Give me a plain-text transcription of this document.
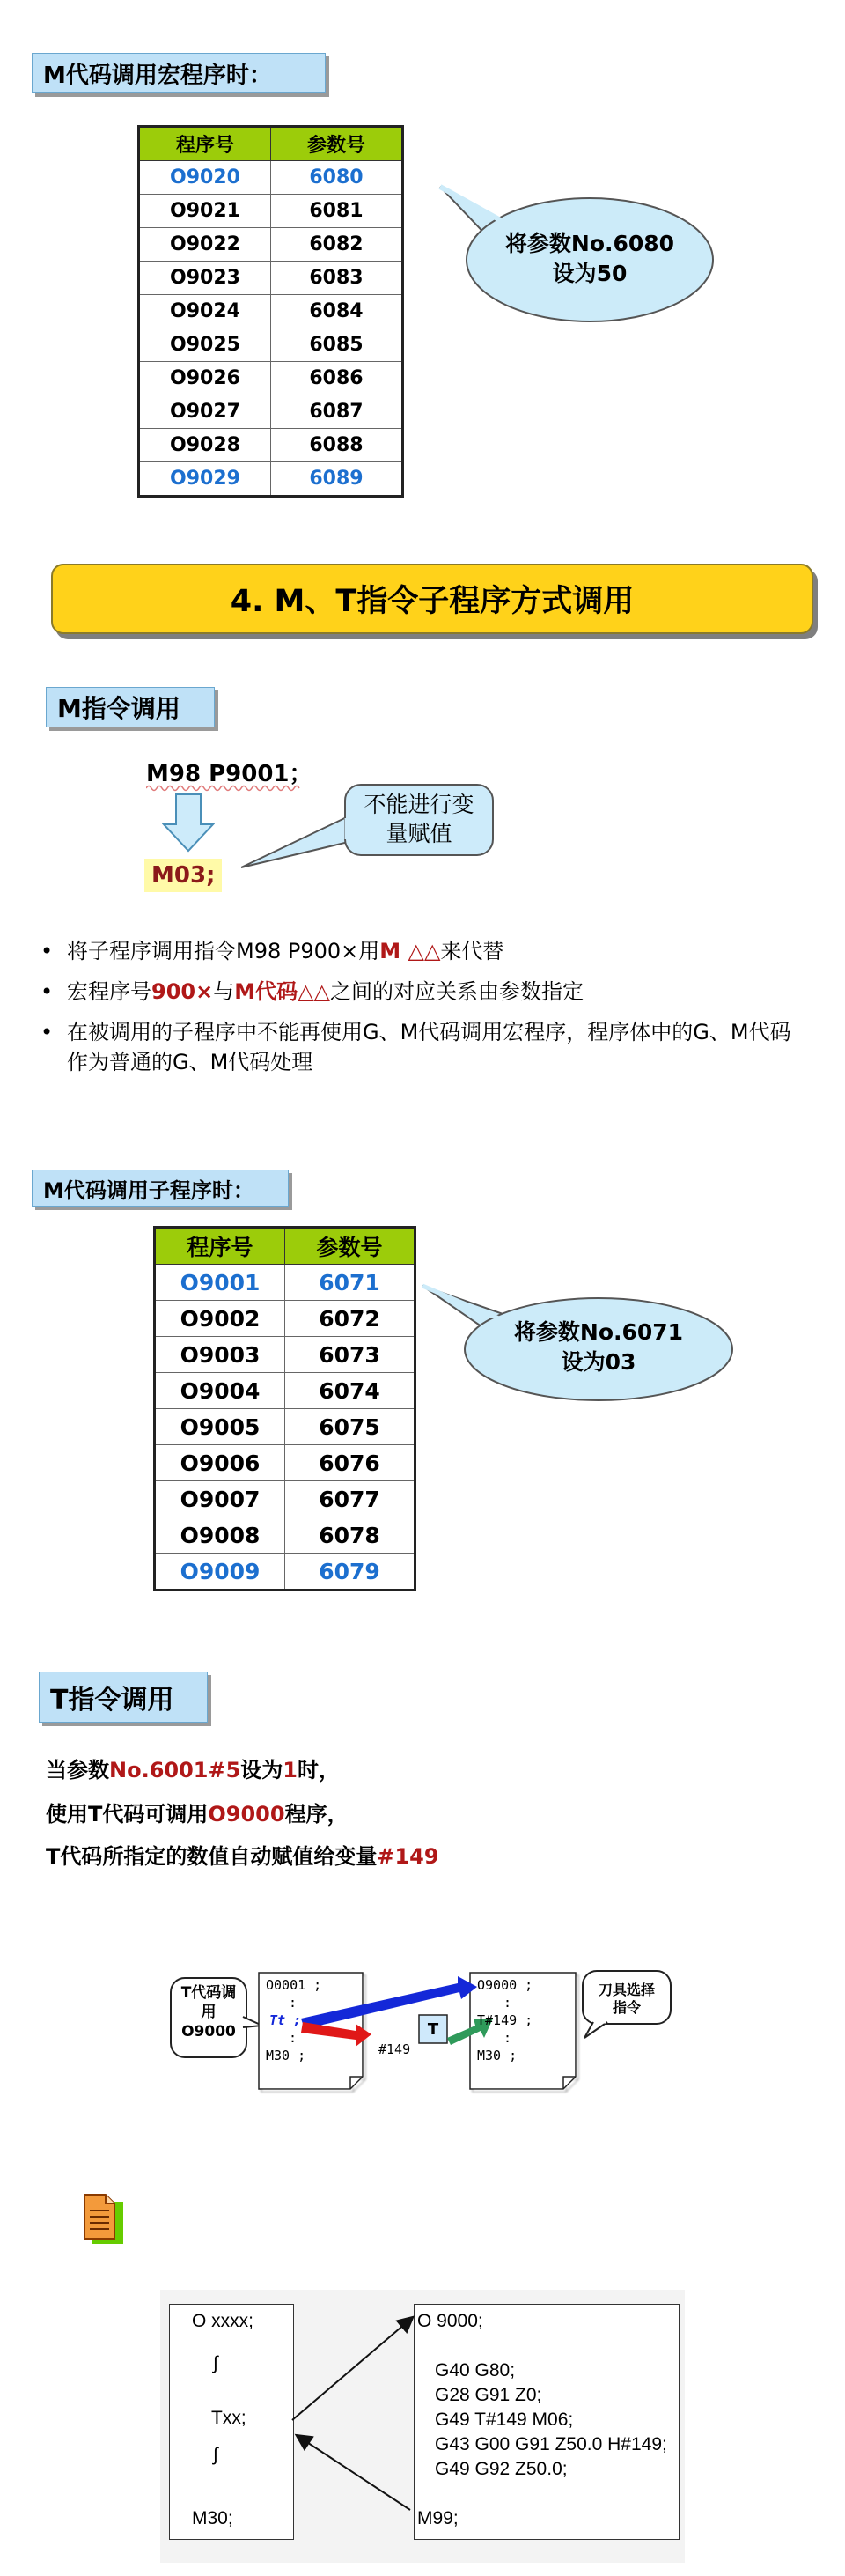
M代码调用宏程序时：
程序号	参数号
O9020	6080
O9021	6081
O9022	6082
O9023	6083
O9024	6084
O9025	6085
O9026	6086
O9027	6087
O9028	6088
O9029	6089
将参数No.6080
设为50
4. M、T指令子程序方式调用
M指令调用
M98 P9001；
M03;
不能进行变
量赋值
• 将子程序调用指令M98 P900×用M △△来代替
• 宏程序号900×与M代码△△之间的对应关系由参数指定
• 在被调用的子程序中不能再使用G、M代码调用宏程序，程序体中的G、M代码作为普通的G、M代码处理
M代码调用子程序时：
程序号	参数号
O9001	6071
O9002	6072
O9003	6073
O9004	6074
O9005	6075
O9006	6076
O9007	6077
O9008	6078
O9009	6079
将参数No.6071
设为03
T指令调用
当参数No.6001#5设为1时，
使用T代码可调用O9000程序，
T代码所指定的数值自动赋值给变量#149
T代码调
用
O9000
O0001 ;
:
Tt ;
:
M30 ;	#149
T
O9000 ;
:
T#149 ;
:
M30 ;
刀具选择
指令
O xxxx;
∫
Txx;
∫
M30;
O 9000;
G40 G80;
G28 G91 Z0;
G49 T#149 M06;
G43 G00 G91 Z50.0 H#149;
G49 G92 Z50.0;
M99;
